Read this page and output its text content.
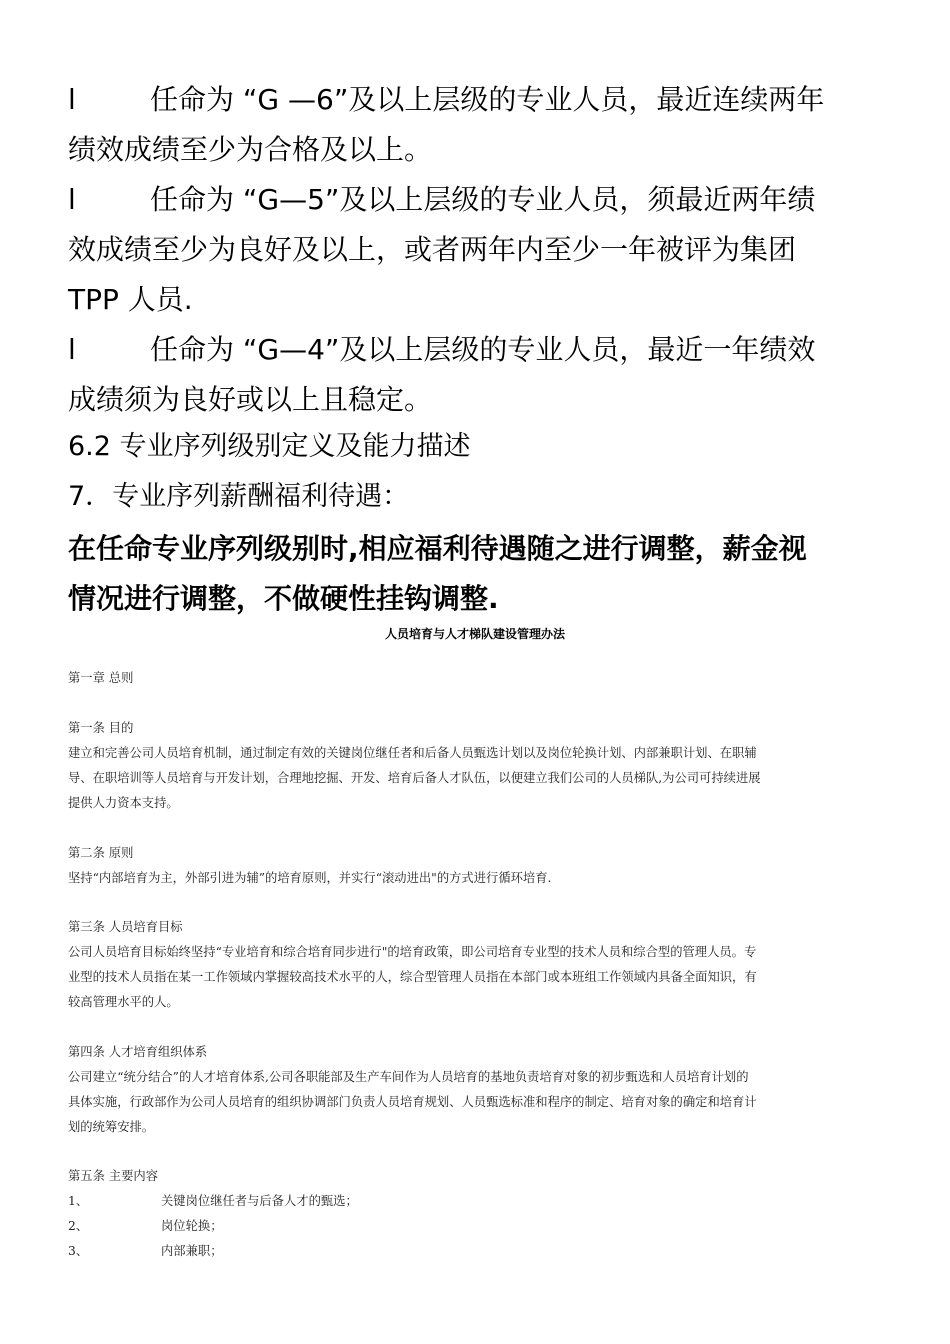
l	任命为 “G —6”及以上层级的专业人员，最近连续两年
绩效成绩至少为合格及以上。
l	任命为 “G—5”及以上层级的专业人员，须最近两年绩
效成绩至少为良好及以上，或者两年内至少一年被评为集团
TPP 人员.
l	任命为 “G—4”及以上层级的专业人员，最近一年绩效
成绩须为良好或以上且稳定。
6.2 专业序列级别定义及能力描述
7．专业序列薪酬福利待遇：
在任命专业序列级别时,相应福利待遇随之进行调整，薪金视
情况进行调整，不做硬性挂钩调整.
人员培育与人才梯队建设管理办法
第一章 总则
第一条 目的
建立和完善公司人员培育机制，通过制定有效的关键岗位继任者和后备人员甄选计划以及岗位轮换计划、内部兼职计划、在职辅
导、在职培训等人员培育与开发计划，合理地挖掘、开发、培育后备人才队伍，以便建立我们公司的人员梯队,为公司可持续进展
提供人力资本支持。
第二条 原则
坚持“内部培育为主，外部引进为辅”的培育原则，并实行“滚动进出"的方式进行循环培育.
第三条 人员培育目标
公司人员培育目标始终坚持“专业培育和综合培育同步进行"的培育政策，即公司培育专业型的技术人员和综合型的管理人员。专
业型的技术人员指在某一工作领域内掌握较高技术水平的人，综合型管理人员指在本部门或本班组工作领域内具备全面知识，有
较高管理水平的人。
第四条 人才培育组织体系
公司建立“统分结合”的人才培育体系,公司各职能部及生产车间作为人员培育的基地负责培育对象的初步甄选和人员培育计划的
具体实施，行政部作为公司人员培育的组织协调部门负责人员培育规划、人员甄选标准和程序的制定、培育对象的确定和培育计
划的统筹安排。
第五条 主要内容
1、	关键岗位继任者与后备人才的甄选；
2、	岗位轮换；
3、	内部兼职；
